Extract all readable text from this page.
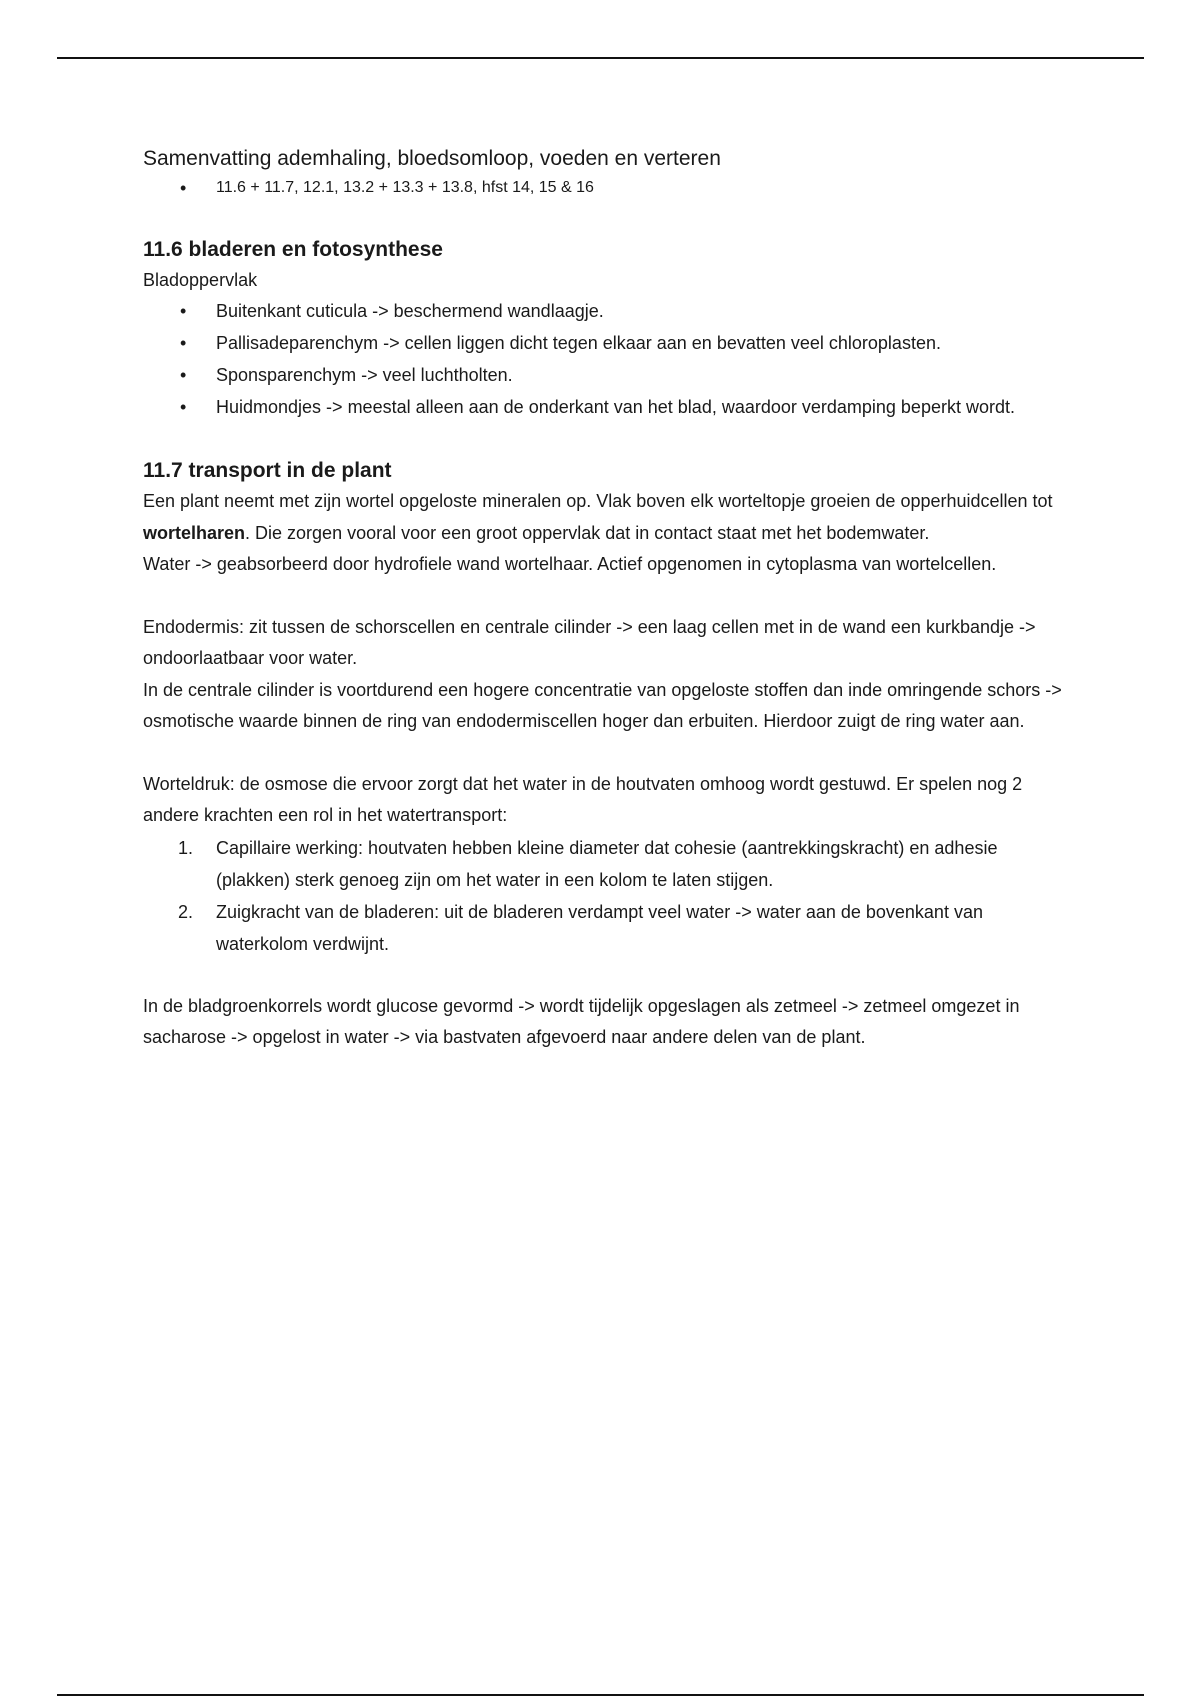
Samenvatting ademhaling, bloedsomloop, voeden en verteren

• 11.6 + 11.7, 12.1, 13.2 + 13.3 + 13.8, hfst 14, 15 & 16
11.6 bladeren en fotosynthese

Bladoppervlak

• Buitenkant cuticula -> beschermend wandlaagje.
• Pallisadeparenchym -> cellen liggen dicht tegen elkaar aan en bevatten veel chloroplasten.
• Sponsparenchym -> veel luchtholten.
• Huidmondjes -> meestal alleen aan de onderkant van het blad, waardoor verdamping beperkt wordt.
11.7 transport in de plant

Een plant neemt met zijn wortel opgeloste mineralen op. Vlak boven elk worteltopje groeien de opperhuidcellen tot wortelharen. Die zorgen vooral voor een groot oppervlak dat in contact staat met het bodemwater.

Water -> geabsorbeerd door hydrofiele wand wortelhaar. Actief opgenomen in cytoplasma van wortelcellen.

Endodermis: zit tussen de schorscellen en centrale cilinder -> een laag cellen met in de wand een kurkbandje -> ondoorlaatbaar voor water.

In de centrale cilinder is voortdurend een hogere concentratie van opgeloste stoffen dan inde omringende schors -> osmotische waarde binnen de ring van endodermiscellen hoger dan erbuiten. Hierdoor zuigt de ring water aan.

Worteldruk: de osmose die ervoor zorgt dat het water in de houtvaten omhoog wordt gestuwd. Er spelen nog 2 andere krachten een rol in het watertransport:

1. Capillaire werking: houtvaten hebben kleine diameter dat cohesie (aantrekkingskracht) en adhesie (plakken) sterk genoeg zijn om het water in een kolom te laten stijgen.
2. Zuigkracht van de bladeren: uit de bladeren verdampt veel water -> water aan de bovenkant van waterkolom verdwijnt.

In de bladgroenkorrels wordt glucose gevormd -> wordt tijdelijk opgeslagen als zetmeel -> zetmeel omgezet in sacharose -> opgelost in water -> via bastvaten afgevoerd naar andere delen van de plant.
